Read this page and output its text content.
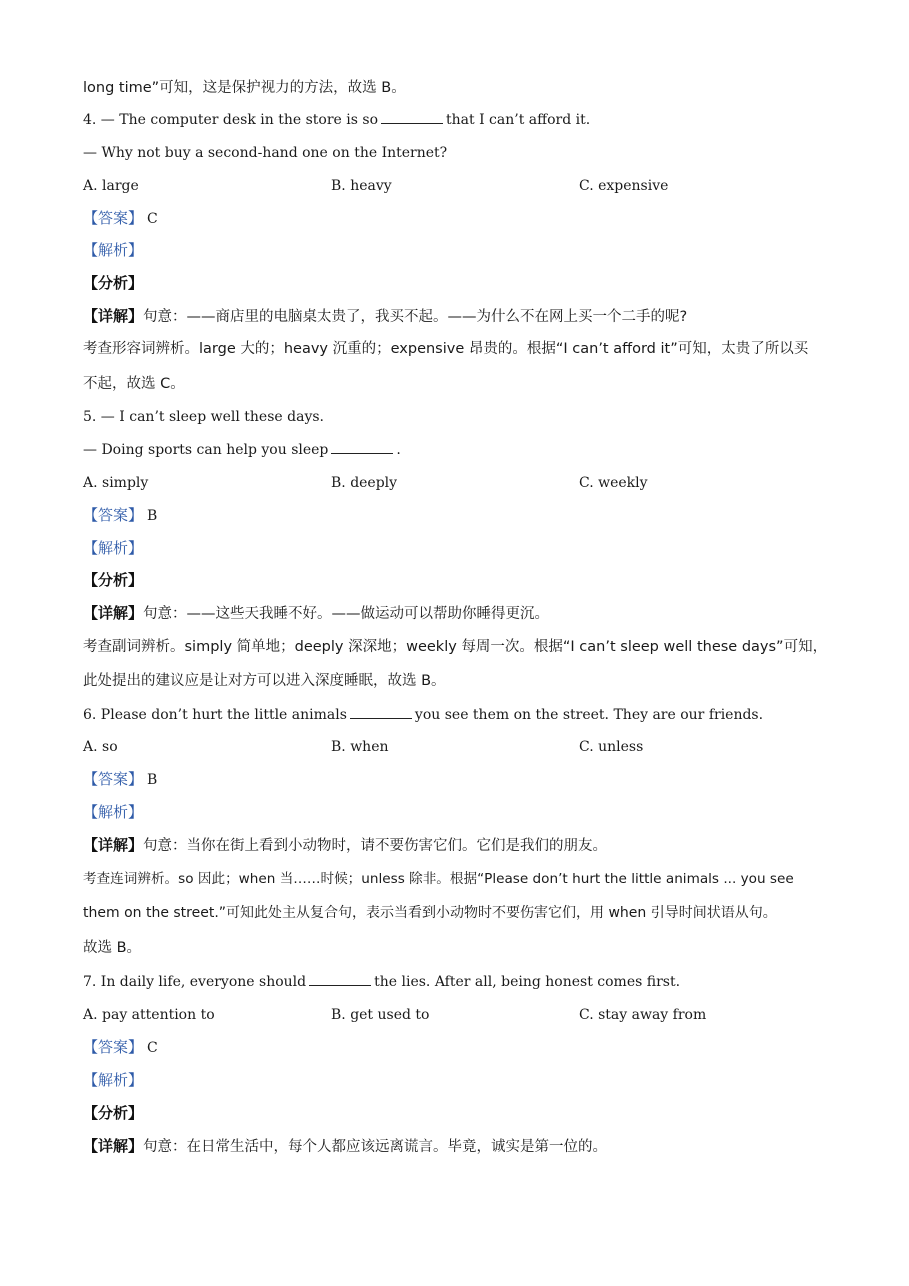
long time”可知，这是保护视力的方法，故选 B。
4. — The computer desk in the store is so	that I can’t afford it.
— Why not buy a second-hand one on the Internet?
A. large	B. heavy	C. expensive
【答案】 C
【解析】
【分析】
【详解】句意：——商店里的电脑桌太贵了，我买不起。——为什么不在网上买一个二手的呢?
考查形容词辨析。large 大的；heavy 沉重的；expensive 昂贵的。根据“I can’t afford it”可知，太贵了所以买
不起，故选 C。
5. — I can’t sleep well these days.
— Doing sports can help you sleep	.
A. simply	B. deeply	C. weekly
【答案】 B
【解析】
【分析】
【详解】句意：——这些天我睡不好。——做运动可以帮助你睡得更沉。
考查副词辨析。simply 简单地；deeply 深深地；weekly 每周一次。根据“I can’t sleep well these days”可知，
此处提出的建议应是让对方可以进入深度睡眠，故选 B。
6. Please don’t hurt the little animals	you see them on the street. They are our friends.
A. so	B. when	C. unless
【答案】 B
【解析】
【详解】句意：当你在街上看到小动物时，请不要伤害它们。它们是我们的朋友。
考查连词辨析。so 因此；when 当……时候；unless 除非。根据“Please don’t hurt the little animals ... you see
them on the street.”可知此处主从复合句，表示当看到小动物时不要伤害它们，用 when 引导时间状语从句。
故选 B。
7. In daily life, everyone should	the lies. After all, being honest comes first.
A. pay attention to	B. get used to	C. stay away from
【答案】 C
【解析】
【分析】
【详解】句意：在日常生活中，每个人都应该远离谎言。毕竟，诚实是第一位的。
